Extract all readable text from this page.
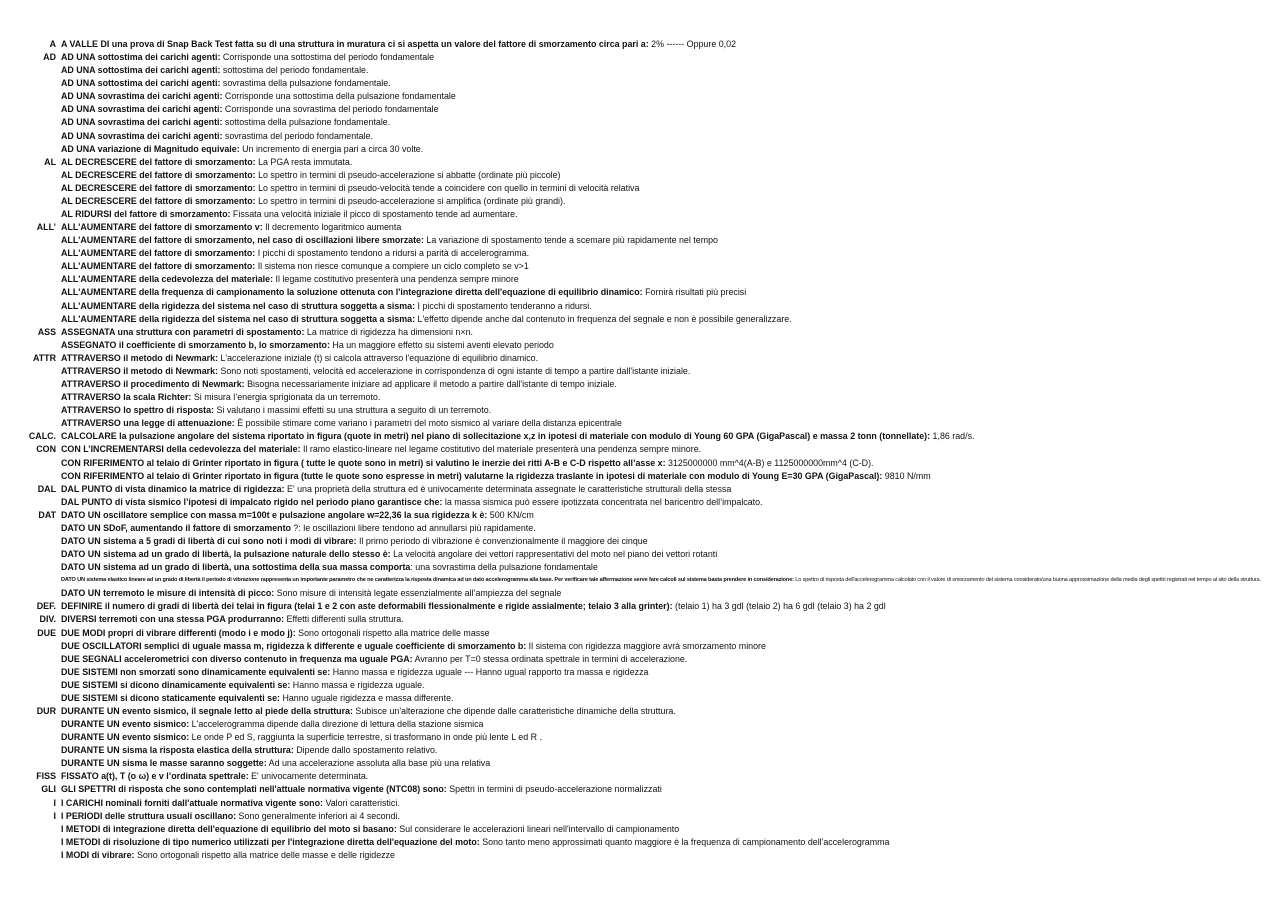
A A VALLE DI una prova di Snap Back Test fatta su di una struttura in muratura ci si aspetta un valore del fattore di smorzamento circa pari a: 2% ------ Oppure 0,02
AD AD UNA sottostima dei carichi agenti: Corrisponde una sottostima del periodo fondamentale
AD UNA sottostima dei carichi agenti: sottostima del periodo fondamentale.
AD UNA sottostima dei carichi agenti: sovrastima della pulsazione fondamentale.
AD UNA sovrastima dei carichi agenti: Corrisponde una sottostima della pulsazione fondamentale
AD UNA sovrastima dei carichi agenti: Corrisponde una sovrastima del periodo fondamentale
AD UNA sovrastima dei carichi agenti: sottostima della pulsazione fondamentale.
AD UNA sovrastima dei carichi agenti: sovrastima del periodo fondamentale.
AD UNA variazione di Magnitudo equivale: Un incremento di energia pari a circa 30 volte.
AL AL DECRESCERE del fattore di smorzamento: La PGA resta immutata.
AL DECRESCERE del fattore di smorzamento: Lo spettro in termini di pseudo-accelerazione si abbatte (ordinate più piccole)
AL DECRESCERE del fattore di smorzamento: Lo spettro in termini di pseudo-velocità tende a coincidere con quello in termini di velocità relativa
AL DECRESCERE del fattore di smorzamento: Lo spettro in termini di pseudo-accelerazione si amplifica (ordinate più grandi).
AL RIDURSI del fattore di smorzamento: Fissata una velocità iniziale il picco di spostamento tende ad aumentare.
ALL’ ALL'AUMENTARE del fattore di smorzamento v: Il decremento logaritmico aumenta
ALL'AUMENTARE del fattore di smorzamento, nel caso di oscillazioni libere smorzate: La variazione di spostamento tende a scemare più rapidamente nel tempo
ALL'AUMENTARE del fattore di smorzamento: I picchi di spostamento tendono a ridursi a parità di accelerogramma.
ALL'AUMENTARE del fattore di smorzamento: Il sistema non riesce comunque a compiere un ciclo completo se v>1
ALL'AUMENTARE della cedevolezza del materiale: Il legame costitutivo presenterà una pendenza sempre minore
ALL'AUMENTARE della frequenza di campionamento la soluzione ottenuta con l'integrazione diretta dell'equazione di equilibrio dinamico: Fornirà risultati più precisi
ALL'AUMENTARE della rigidezza del sistema nel caso di struttura soggetta a sisma: I picchi di spostamento tenderanno a ridursi.
ALL'AUMENTARE della rigidezza del sistema nel caso di struttura soggetta a sisma: L'effetto dipende anche dal contenuto in frequenza del segnale e non è possibile generalizzare.
ASS ASSEGNATA una struttura con parametri di spostamento: La matrice di rigidezza ha dimensioni n×n.
ASSEGNATO il coefficiente di smorzamento b, lo smorzamento: Ha un maggiore effetto su sistemi aventi elevato periodo
ATTR ATTRAVERSO il metodo di Newmark: L'accelerazione iniziale (t) si calcola attraverso l'equazione di equilibrio dinamico.
ATTRAVERSO il metodo di Newmark: Sono noti spostamenti, velocità ed accelerazione in corrispondenza di ogni istante di tempo a partire dall'istante iniziale.
ATTRAVERSO il procedimento di Newmark: Bisogna necessariamente iniziare ad applicare il metodo a partire dall'istante di tempo iniziale.
ATTRAVERSO la scala Richter: Si misura l’energia sprigionata da un terremoto.
ATTRAVERSO lo spettro di risposta: Si valutano i massimi effetti su una struttura a seguito di un terremoto.
ATTRAVERSO una legge di attenuazione: È possibile stimare come variano i parametri del moto sismico al variare della distanza epicentrale
CALC. CALCOLARE la pulsazione angolare del sistema riportato in figura (quote in metri) nel piano di sollecitazione x,z in ipotesi di materiale con modulo di Young 60 GPA (GigaPascal) e massa 2 tonn (tonnellate): 1,86 rad/s.
CON CON L’INCREMENTARSI della cedevolezza del materiale: Il ramo elastico-lineare nel legame costitutivo del materiale presenterà una pendenza sempre minore.
CON RIFERIMENTO al telaio di Grinter riportato in figura ( tutte le quote sono in metri) si valutino le inerzie dei ritti A-B e C-D rispetto all’asse x: 3125000000 mm^4(A-B) e 1125000000mm^4 (C-D).
CON RIFERIMENTO al telaio di Grinter riportato in figura (tutte le quote sono espresse in metri) valutarne la rigidezza traslante in ipotesi di materiale con modulo di Young E=30 GPA (GigaPascal): 9810 N/mm
DAL DAL PUNTO di vista dinamico la matrice di rigidezza: E' una proprietà della struttura ed è univocamente determinata assegnate le caratteristiche strutturali della stessa
DAL PUNTO di vista sismico l’ipotesi di impalcato rigido nel periodo piano garantisce che: la massa sismica può essere ipotizzata concentrata nel baricentro dell’impalcato.
DAT DATO UN oscillatore semplice con massa m=100t e pulsazione angolare w=22,36 la sua rigidezza k è: 500 KN/cm
DATO UN SDoF, aumentando il fattore di smorzamento ?: le oscillazioni libere tendono ad annullarsi più rapidamente.
DATO UN sistema a 5 gradi di libertà di cui sono noti i modi di vibrare: Il primo periodo di vibrazione è convenzionalmente il maggiore dei cinque
DATO UN sistema ad un grado di libertà, la pulsazione naturale dello stesso è: La velocità angolare dei vettori rappresentativi del moto nel piano dei vettori rotanti
DATO UN sistema ad un grado di libertà, una sottostima della sua massa comporta: una sovrastima della pulsazione fondamentale
DATO UN sistema elastico lineare ad un grado di libertà il periodo di vibrazione rappresenta un importante parametro che ne caratterizza la risposta dinamica ad un dato accelerogramma alla base. Per verificare tale affermazione serve fare calcoli sul sistema basta prendere in considerazione: Lo spettro di risposta dell'accelerogramma calcolato con il valore di smorzamento del sistema considerato/una buona approssimazione della media degli spettri registrati nel tempo al sito della struttura.
DATO UN terremoto le misure di intensità di picco: Sono misure di intensità legate essenzialmente all’ampiezza del segnale
DEF. DEFINIRE il numero di gradi di libertà dei telai in figura (telai 1 e 2 con aste deformabili flessionalmente e rigide assialmente; telaio 3 alla grinter): (telaio 1) ha 3 gdl (telaio 2) ha 6 gdl (telaio 3) ha 2 gdl
DIV. DIVERSI terremoti con una stessa PGA produrranno: Effetti differenti sulla struttura.
DUE DUE MODI propri di vibrare differenti (modo i e modo j): Sono ortogonali rispetto alla matrice delle masse
DUE OSCILLATORI semplici di uguale massa m, rigidezza k differente e uguale coefficiente di smorzamento b: Il sistema con rigidezza maggiore avrà smorzamento minore
DUE SEGNALI accelerometrici con diverso contenuto in frequenza ma uguale PGA: Avranno per T=0 stessa ordinata spettrale in termini di accelerazione.
DUE SISTEMI non smorzati sono dinamicamente equivalenti se: Hanno massa e rigidezza uguale --- Hanno ugual rapporto tra massa e rigidezza
DUE SISTEMI si dicono dinamicamente equivalenti se: Hanno massa e rigidezza uguale.
DUE SISTEMI si dicono staticamente equivalenti se: Hanno uguale rigidezza e massa differente.
DUR DURANTE UN evento sismico, il segnale letto al piede della struttura: Subisce un'alterazione che dipende dalle caratteristiche dinamiche della struttura.
DURANTE UN evento sismico: L'accelerogramma dipende dalla direzione di lettura della stazione sismica
DURANTE UN evento sismico: Le onde P ed S, raggiunta la superficie terrestre, si trasformano in onde più lente L ed R .
DURANTE UN sisma la risposta elastica della struttura: Dipende dallo spostamento relativo.
DURANTE UN sisma le masse saranno soggette: Ad una accelerazione assoluta alla base più una relativa
FISS FISSATO a(t), T (o ω) e v l’ordinata spettrale: E' univocamente determinata.
GLI GLI SPETTRI di risposta che sono contemplati nell'attuale normativa vigente (NTC08) sono: Spettri in termini di pseudo-accelerazione normalizzati
I I CARICHI nominali forniti dall'attuale normativa vigente sono: Valori caratteristici.
I I PERIODI delle struttura usuali oscillano: Sono generalmente inferiori ai 4 secondi.
I METODI di integrazione diretta dell'equazione di equilibrio del moto si basano: Sul considerare le accelerazioni lineari nell'intervallo di campionamento
I METODI di risoluzione di tipo numerico utilizzati per l'integrazione diretta dell'equazione del moto: Sono tanto meno approssimati quanto maggiore è la frequenza di campionamento dell'accelerogramma
I MODI di vibrare: Sono ortogonali rispetto alla matrice delle masse e delle rigidezze
